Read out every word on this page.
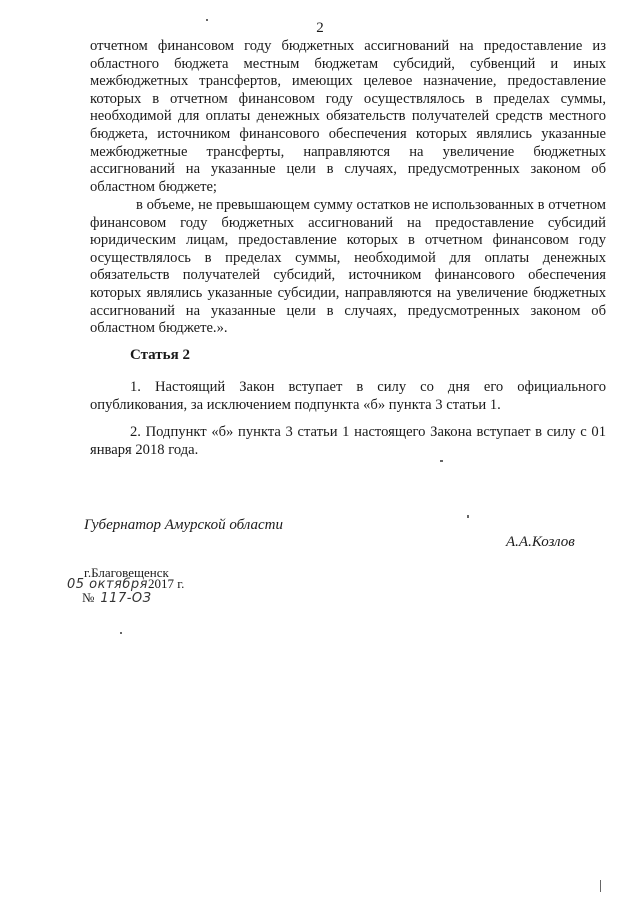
2

отчетном финансовом году бюджетных ассигнований на предоставление из областного бюджета местным бюджетам субсидий, субвенций и иных межбюджетных трансфертов, имеющих целевое назначение, предоставление которых в отчетном финансовом году осуществлялось в пределах суммы, необходимой для оплаты денежных обязательств получателей средств местного бюджета, источником финансового обеспечения которых являлись указанные межбюджетные трансферты, направляются на увеличение бюджетных ассигнований на указанные цели в случаях, предусмотренных законом об областном бюджете;

в объеме, не превышающем сумму остатков не использованных в отчетном финансовом году бюджетных ассигнований на предоставление субсидий юридическим лицам, предоставление которых в отчетном финансовом году осуществлялось в пределах суммы, необходимой для оплаты денежных обязательств получателей субсидий, источником финансового обеспечения которых являлись указанные субсидии, направляются на увеличение бюджетных ассигнований на указанные цели в случаях, предусмотренных законом об областном бюджете.».

Статья 2

1. Настоящий Закон вступает в силу со дня его официального опубликования, за исключением подпункта «б» пункта 3 статьи 1.

2. Подпункт «б» пункта 3 статьи 1 настоящего Закона вступает в силу с 01 января 2018 года.

Губернатор Амурской области
А.А.Козлов
г.Благовещенск
05 октября 2017 г.
№ 117-ОЗ
